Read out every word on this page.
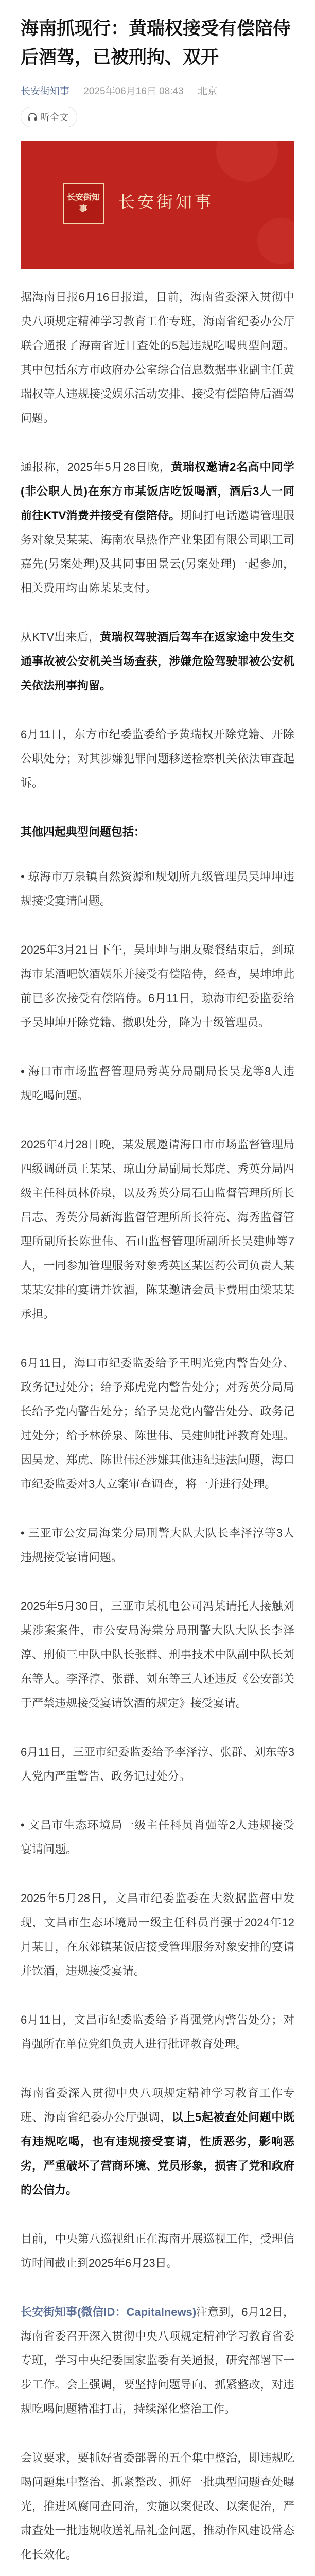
海南抓现行：黄瑞权接受有偿陪侍后酒驾，已被刑拘、双开
长安街知事 2025年06月16日 08:43 北京
听全文
长安街知事	长安街知事

据海南日报6月16日报道，目前，海南省委深入贯彻中央八项规定精神学习教育工作专班，海南省纪委办公厅联合通报了海南省近日查处的5起违规吃喝典型问题。其中包括东方市政府办公室综合信息数据事业副主任黄瑞权等人违规接受娱乐活动安排、接受有偿陪侍后酒驾问题。

通报称，2025年5月28日晚，黄瑞权邀请2名高中同学(非公职人员)在东方市某饭店吃饭喝酒，酒后3人一同前往KTV消费并接受有偿陪侍。期间打电话邀请管理服务对象吴某某、海南农垦热作产业集团有限公司职工司嘉先(另案处理)及其同事田景云(另案处理)一起参加，相关费用均由陈某某支付。

从KTV出来后，黄瑞权驾驶酒后驾车在返家途中发生交通事故被公安机关当场查获，涉嫌危险驾驶罪被公安机关依法刑事拘留。

6月11日，东方市纪委监委给予黄瑞权开除党籍、开除公职处分；对其涉嫌犯罪问题移送检察机关依法审查起诉。

其他四起典型问题包括：

• 琼海市万泉镇自然资源和规划所九级管理员吴坤坤违规接受宴请问题。

2025年3月21日下午，吴坤坤与朋友聚餐结束后，到琼海市某酒吧饮酒娱乐并接受有偿陪侍，经查，吴坤坤此前已多次接受有偿陪侍。6月11日，琼海市纪委监委给予吴坤坤开除党籍、撤职处分，降为十级管理员。

• 海口市市场监督管理局秀英分局副局长吴龙等8人违规吃喝问题。

2025年4月28日晚，某发展邀请海口市市场监督管理局四级调研员王某某、琼山分局副局长郑虎、秀英分局四级主任科员林侨泉，以及秀英分局石山监督管理所所长吕志、秀英分局新海监督管理所所长符亮、海秀监督管理所副所长陈世伟、石山监督管理所副所长吴建帅等7人，一同参加管理服务对象秀英区某医药公司负责人某某某安排的宴请并饮酒，陈某邀请会员卡费用由梁某某承担。

6月11日，海口市纪委监委给予王明光党内警告处分、政务记过处分；给予郑虎党内警告处分；对秀英分局局长给予党内警告处分；给予吴龙党内警告处分、政务记过处分；给予林侨泉、陈世伟、吴建帅批评教育处理。因吴龙、郑虎、陈世伟还涉嫌其他违纪违法问题，海口市纪委监委对3人立案审查调查，将一并进行处理。

• 三亚市公安局海棠分局刑警大队大队长李泽淳等3人违规接受宴请问题。

2025年5月30日，三亚市某机电公司冯某请托人接触刘某涉案案件，市公安局海棠分局刑警大队大队长李泽淳、刑侦三中队中队长张群、刑事技术中队副中队长刘东等人。李泽淳、张群、刘东等三人还违反《公安部关于严禁违规接受宴请饮酒的规定》接受宴请。

6月11日，三亚市纪委监委给予李泽淳、张群、刘东等3人党内严重警告、政务记过处分。

• 文昌市生态环境局一级主任科员肖强等2人违规接受宴请问题。

2025年5月28日，文昌市纪委监委在大数据监督中发现，文昌市生态环境局一级主任科员肖强于2024年12月某日，在东郊镇某饭店接受管理服务对象安排的宴请并饮酒，违规接受宴请。

6月11日，文昌市纪委监委给予肖强党内警告处分；对肖强所在单位党组负责人进行批评教育处理。

海南省委深入贯彻中央八项规定精神学习教育工作专班、海南省纪委办公厅强调，以上5起被查处问题中既有违规吃喝，也有违规接受宴请，性质恶劣，影响恶劣，严重破坏了营商环境、党员形象，损害了党和政府的公信力。

目前，中央第八巡视组正在海南开展巡视工作，受理信访时间截止到2025年6月23日。

长安街知事(微信ID：Capitalnews)注意到，6月12日，海南省委召开深入贯彻中央八项规定精神学习教育省委专班，学习中央纪委国家监委有关通报，研究部署下一步工作。会上强调，要坚持问题导向、抓紧整改，对违规吃喝问题精准打击，持续深化整治工作。

会议要求，要抓好省委部署的五个集中整治，即违规吃喝问题集中整治、抓紧整改、抓好一批典型问题查处曝光，推进风腐同查同治，实施以案促改、以案促治，严肃查处一批违规收送礼品礼金问题，推动作风建设常态化长效化。
